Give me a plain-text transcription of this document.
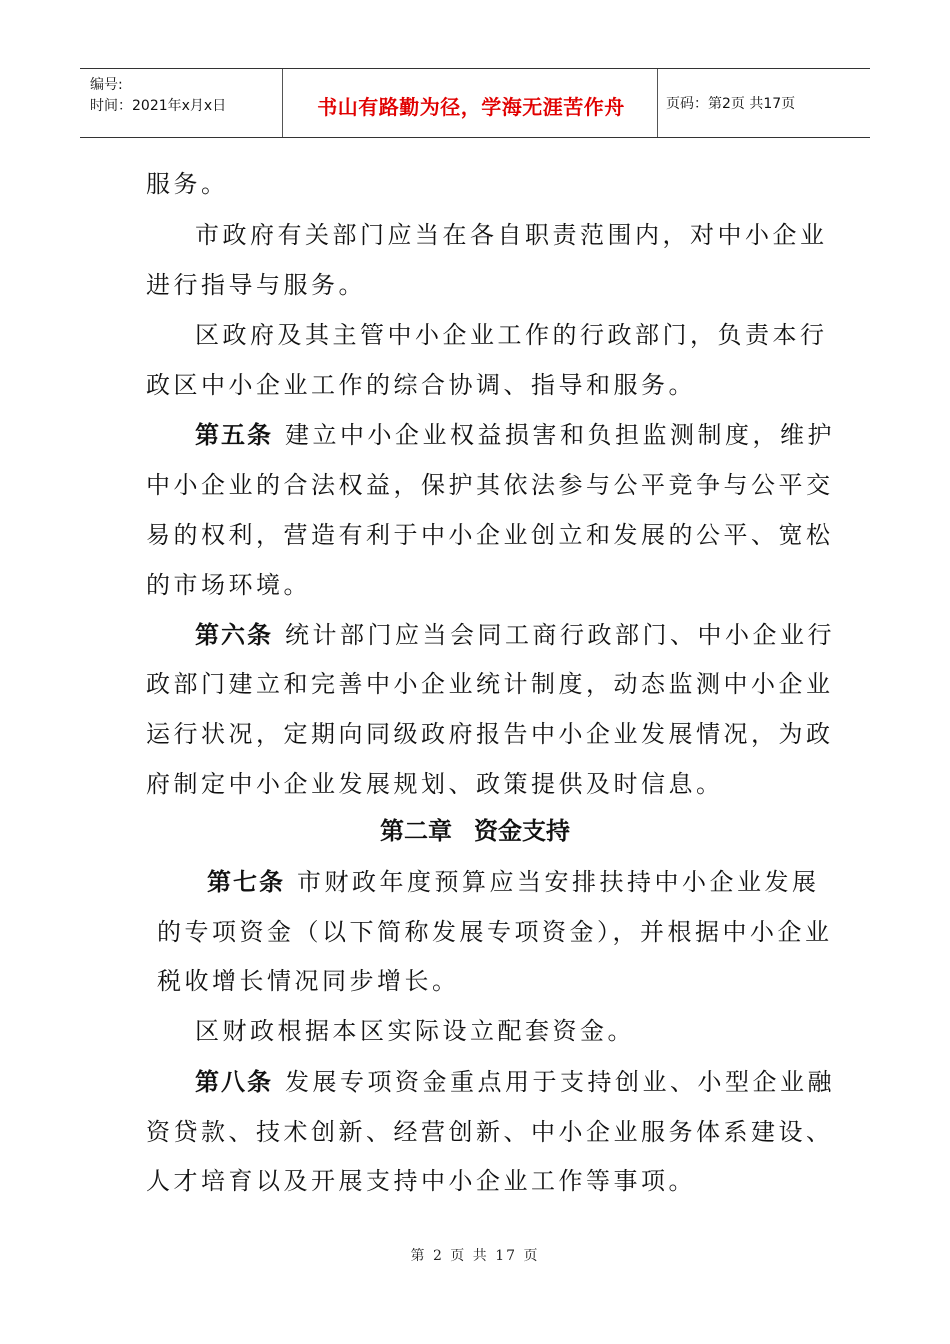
编号:
时间：2021年x月x日	书山有路勤为径，学海无涯苦作舟	页码：第2页 共17页
服务。
市政府有关部门应当在各自职责范围内，对中小企业
进行指导与服务。
区政府及其主管中小企业工作的行政部门，负责本行
政区中小企业工作的综合协调、指导和服务。
第五条 建立中小企业权益损害和负担监测制度，维护
中小企业的合法权益，保护其依法参与公平竞争与公平交
易的权利，营造有利于中小企业创立和发展的公平、宽松
的市场环境。
第六条 统计部门应当会同工商行政部门、中小企业行
政部门建立和完善中小企业统计制度，动态监测中小企业
运行状况，定期向同级政府报告中小企业发展情况，为政
府制定中小企业发展规划、政策提供及时信息。
第二章 资金支持
第七条 市财政年度预算应当安排扶持中小企业发展
的专项资金（以下简称发展专项资金），并根据中小企业
税收增长情况同步增长。
区财政根据本区实际设立配套资金。
第八条 发展专项资金重点用于支持创业、小型企业融
资贷款、技术创新、经营创新、中小企业服务体系建设、
人才培育以及开展支持中小企业工作等事项。
第 2 页 共 17 页
